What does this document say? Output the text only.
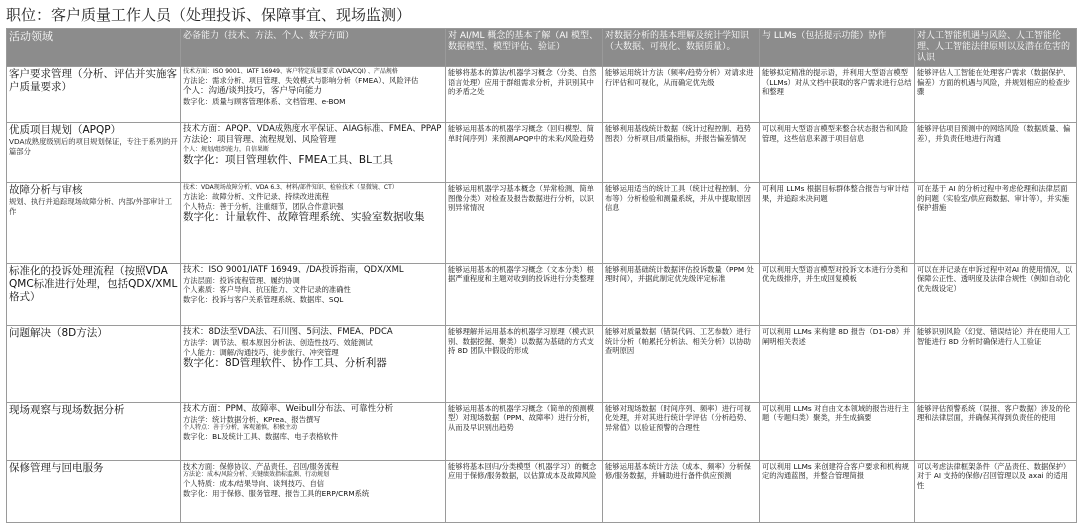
职位：客户质量工作人员（处理投诉、保障事宜、现场监测）
活动领域	必备能力（技术、方法、个人、数字方面）	对 AI/ML 概念的基本了解（AI 模型、数据模型、模型评估、验证）	对数据分析的基本理解及统计学知识（大数据、可视化、数据质量）。	与 LLMs（包括提示功能）协作	对人工智能机遇与风险、人工智能伦理、人工智能法律原则以及潜在危害的认识

客户要求管理（分析、评估并实施客户质量要求）	技术方面：ISO 9001、IATF 16949、客户特定质量要求 (VDA/CQI) 、产品规格
方法论：需求分析、项目管理、失效模式与影响分析（FMEA）、风险评估
个人：沟通/谈判技巧，客户导向能力
数字化：质量与顾客管理体系、文档管理、e-BOM	能够将基本的算法/机器学习概念（分类、自然语言处理）应用于群组需求分析，并识别其中的矛盾之处	能够运用统计方法（频率/趋势分析）对请求进行评估和可视化，从而确定优先级	能够拟定精准的提示语，并利用大型语言模型（LLMs）对从文档中获取的客户需求进行总结和整理	能够评估人工智能在处理客户需求（数据保护、偏差）方面的机遇与风险，并规划相应的检查步骤

优质项目规划（APQP）
VDA成熟度级别后的项目规划保证，专注于系列的开篇部分	技术方面：APQP、VDA成熟度水平保证、AIAG标准、FMEA、PPAP
方法论：项目管理、流程规划、风险管理
个人：规划/组织能力，自信果断
数字化：项目管理软件、FMEA工具、BL工具	能够运用基本的机器学习概念（回归模型、简单时间序列）来预测APQP中的未来/风险趋势	能够利用基线统计数据（统计过程控制、趋势图表）分析项目/质量指标，并报告偏差情况	可以利用大型语言模型来整合状态报告和风险管理，这些信息来源于项目信息	能够评估项目预测中的网络风险（数据质量、偏差），并负责任地进行沟通

故障分析与审核
规划、执行并追踪现场故障分析、内部/外部审计工作	技术：VDA现场故障分析、VDA 6.3、材料/部件知识、检验技术（显微镜、CT）
方法论：故障分析、文件记录、持续改进流程
个人特点：善于分析，注重细节，团队合作意识强
数字化：计量软件、故障管理系统、实验室数据收集	能够运用机器学习基本概念（异常检测、简单图像分类）对检查及报告数据进行分析，以识别异常情况	能够运用适当的统计工具（统计过程控制、分布等）分析检验和测量系统，并从中提取原因信息	可利用 LLMs 根据目标群体整合报告与审计结果，并追踪未决问题	可在基于 AI 的分析过程中考虑伦理和法律层面的问题（实验室/供应商数据、审计等），并实施保护措施

标准化的投诉处理流程（按照VDA QMC标准进行处理，包括QDX/XML格式）	技术：ISO 9001/IATF 16949、/DA投诉指南，QDX/XML
方法层面：投诉流程管理、履约协调
个人素质：客户导向、抗压能力、文件记录的准确性
数字化：投诉与客户关系管理系统、数据库、SQL	能够运用基本的机器学习概念（文本分类）根据严重程度和主题对收到的投诉进行分类整理	能够利用基础统计数据评估投诉数量（PPM 处理时间），并据此制定优先级评定标准	可以利用大型语言模型对投诉文本进行分类和优先级排序，并生成回复模板	可以在并记录在申诉过程中对AI 的使用情况，以保障公正性、透明度及法律合规性（例如自动化优先级设定）

问题解决（8D方法）	技术：8D法至VDA法、石川图、5问法、FMEA、PDCA
方法学：调节法、根本原因分析法、创造性技巧、效能测试
个人能力：调解/沟通技巧、徒步旅行、冲突管理
数字化：8D管理软件、协作工具、分析利器	能够理解并运用基本的机器学习原理（模式识别、数据挖掘、聚类）以数据为基础的方式支持 8D 团队中假设的形成	能够对质量数据（错误代码、工艺参数）进行统计分析（帕累托分析法、相关分析）以协助查明原因	可以利用 LLMs 来构建 8D 报告（D1-D8）并阐明相关表述	能够识别风险（幻觉、错误结论）并在使用人工智能进行 8D 分析时确保进行人工验证

现场观察与现场数据分析	技术方面：PPM、故障率、Weibull分布法、可靠性分析
方法学：统计数据分析、KPrea、报告撰写
个人特点：善于分析，客观谨慎，积极主动
数字化：BL及统计工具、数据库、电子表格软件	能够运用基本的机器学习概念（简单的预测模型）对现场数据（PPM、故障率）进行分析，从而及早识别出趋势	能够对现场数据（时间序列、频率）进行可视化处理，并对其进行统计学评估（分析趋势、异常值）以验证预警的合理性	可以利用 LLMs 对自由文本领域的报告进行主题（专题归类）聚类，并生成摘要	能够评估预警系统（误报、客户数据）涉及的伦理和法律层面，并确保其得到负责任的使用

保修管理与回电服务	技术方面：保修协议、产品责任、召回/服务流程
方法论：成本/风险分析、关键绩效指标监测、行动规划
个人特质：成本/结果导向、谈判技巧、自信
数字化：用于保修、服务管理、报告工具的ERP/CRM系统	能够将基本回归/分类模型（机器学习）的概念应用于保修/服务数据，以估算成本及故障风险	能够运用基本统计方法（成本、频率）分析保修/服务数据，并辅助进行备件供应预测	可以利用 LLMs 来创建符合客户要求和机构规定的沟通蓝图，并整合管理简报	可以考虑法律框架条件（产品责任、数据保护）对于 AI 支持的保修/召回管理以及 axai 的适用性
